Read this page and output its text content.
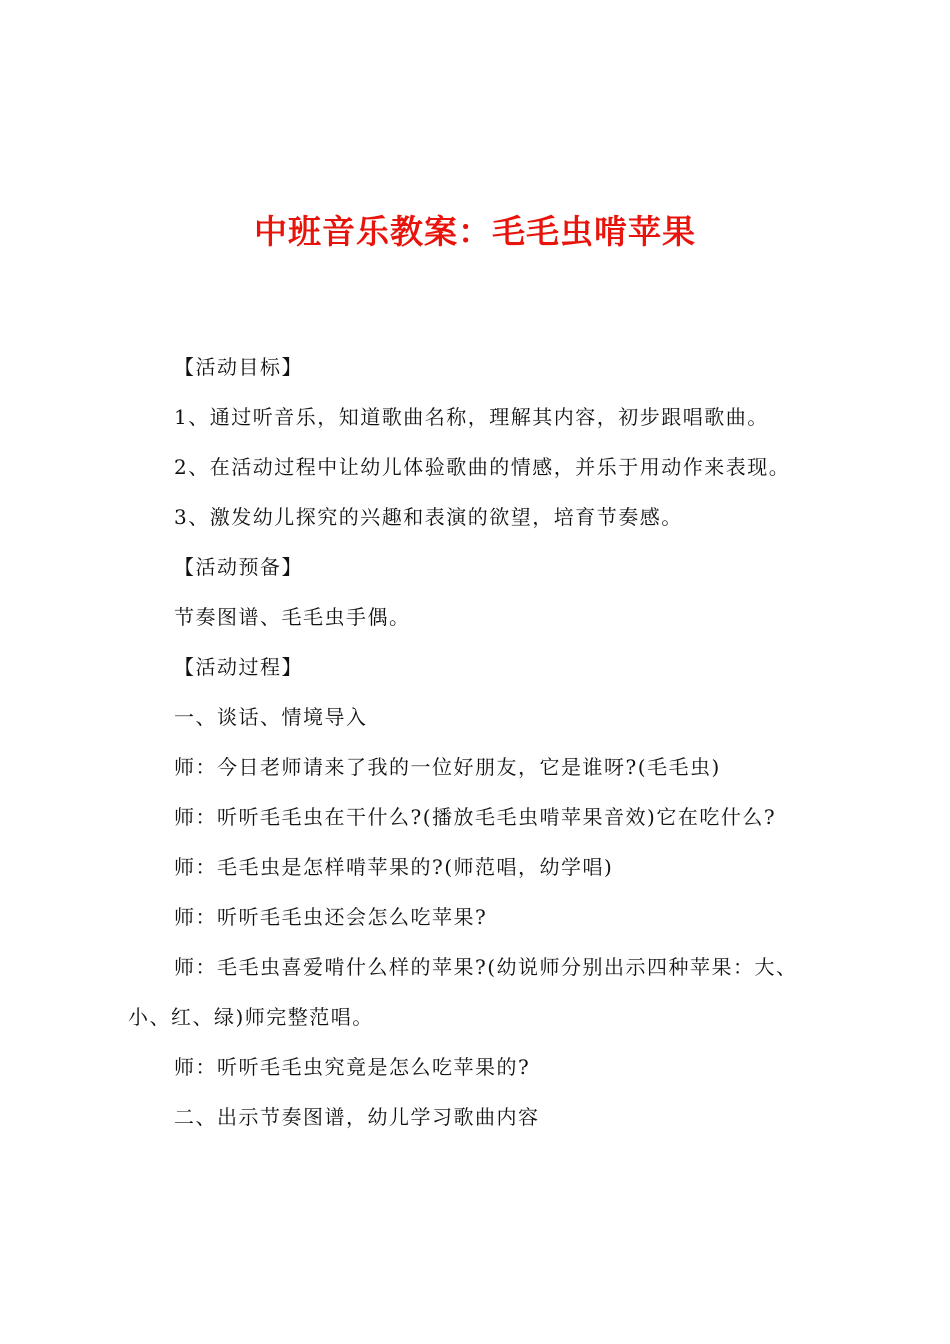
中班音乐教案：毛毛虫啃苹果
【活动目标】
1、通过听音乐，知道歌曲名称，理解其内容，初步跟唱歌曲。
2、在活动过程中让幼儿体验歌曲的情感，并乐于用动作来表现。
3、激发幼儿探究的兴趣和表演的欲望，培育节奏感。
【活动预备】
节奏图谱、毛毛虫手偶。
【活动过程】
一、谈话、情境导入
师：今日老师请来了我的一位好朋友，它是谁呀?(毛毛虫)
师：听听毛毛虫在干什么?(播放毛毛虫啃苹果音效)它在吃什么?
师：毛毛虫是怎样啃苹果的?(师范唱，幼学唱)
师：听听毛毛虫还会怎么吃苹果?
师：毛毛虫喜爱啃什么样的苹果?(幼说师分别出示四种苹果：大、小、红、绿)师完整范唱。
师：听听毛毛虫究竟是怎么吃苹果的?
二、出示节奏图谱，幼儿学习歌曲内容
